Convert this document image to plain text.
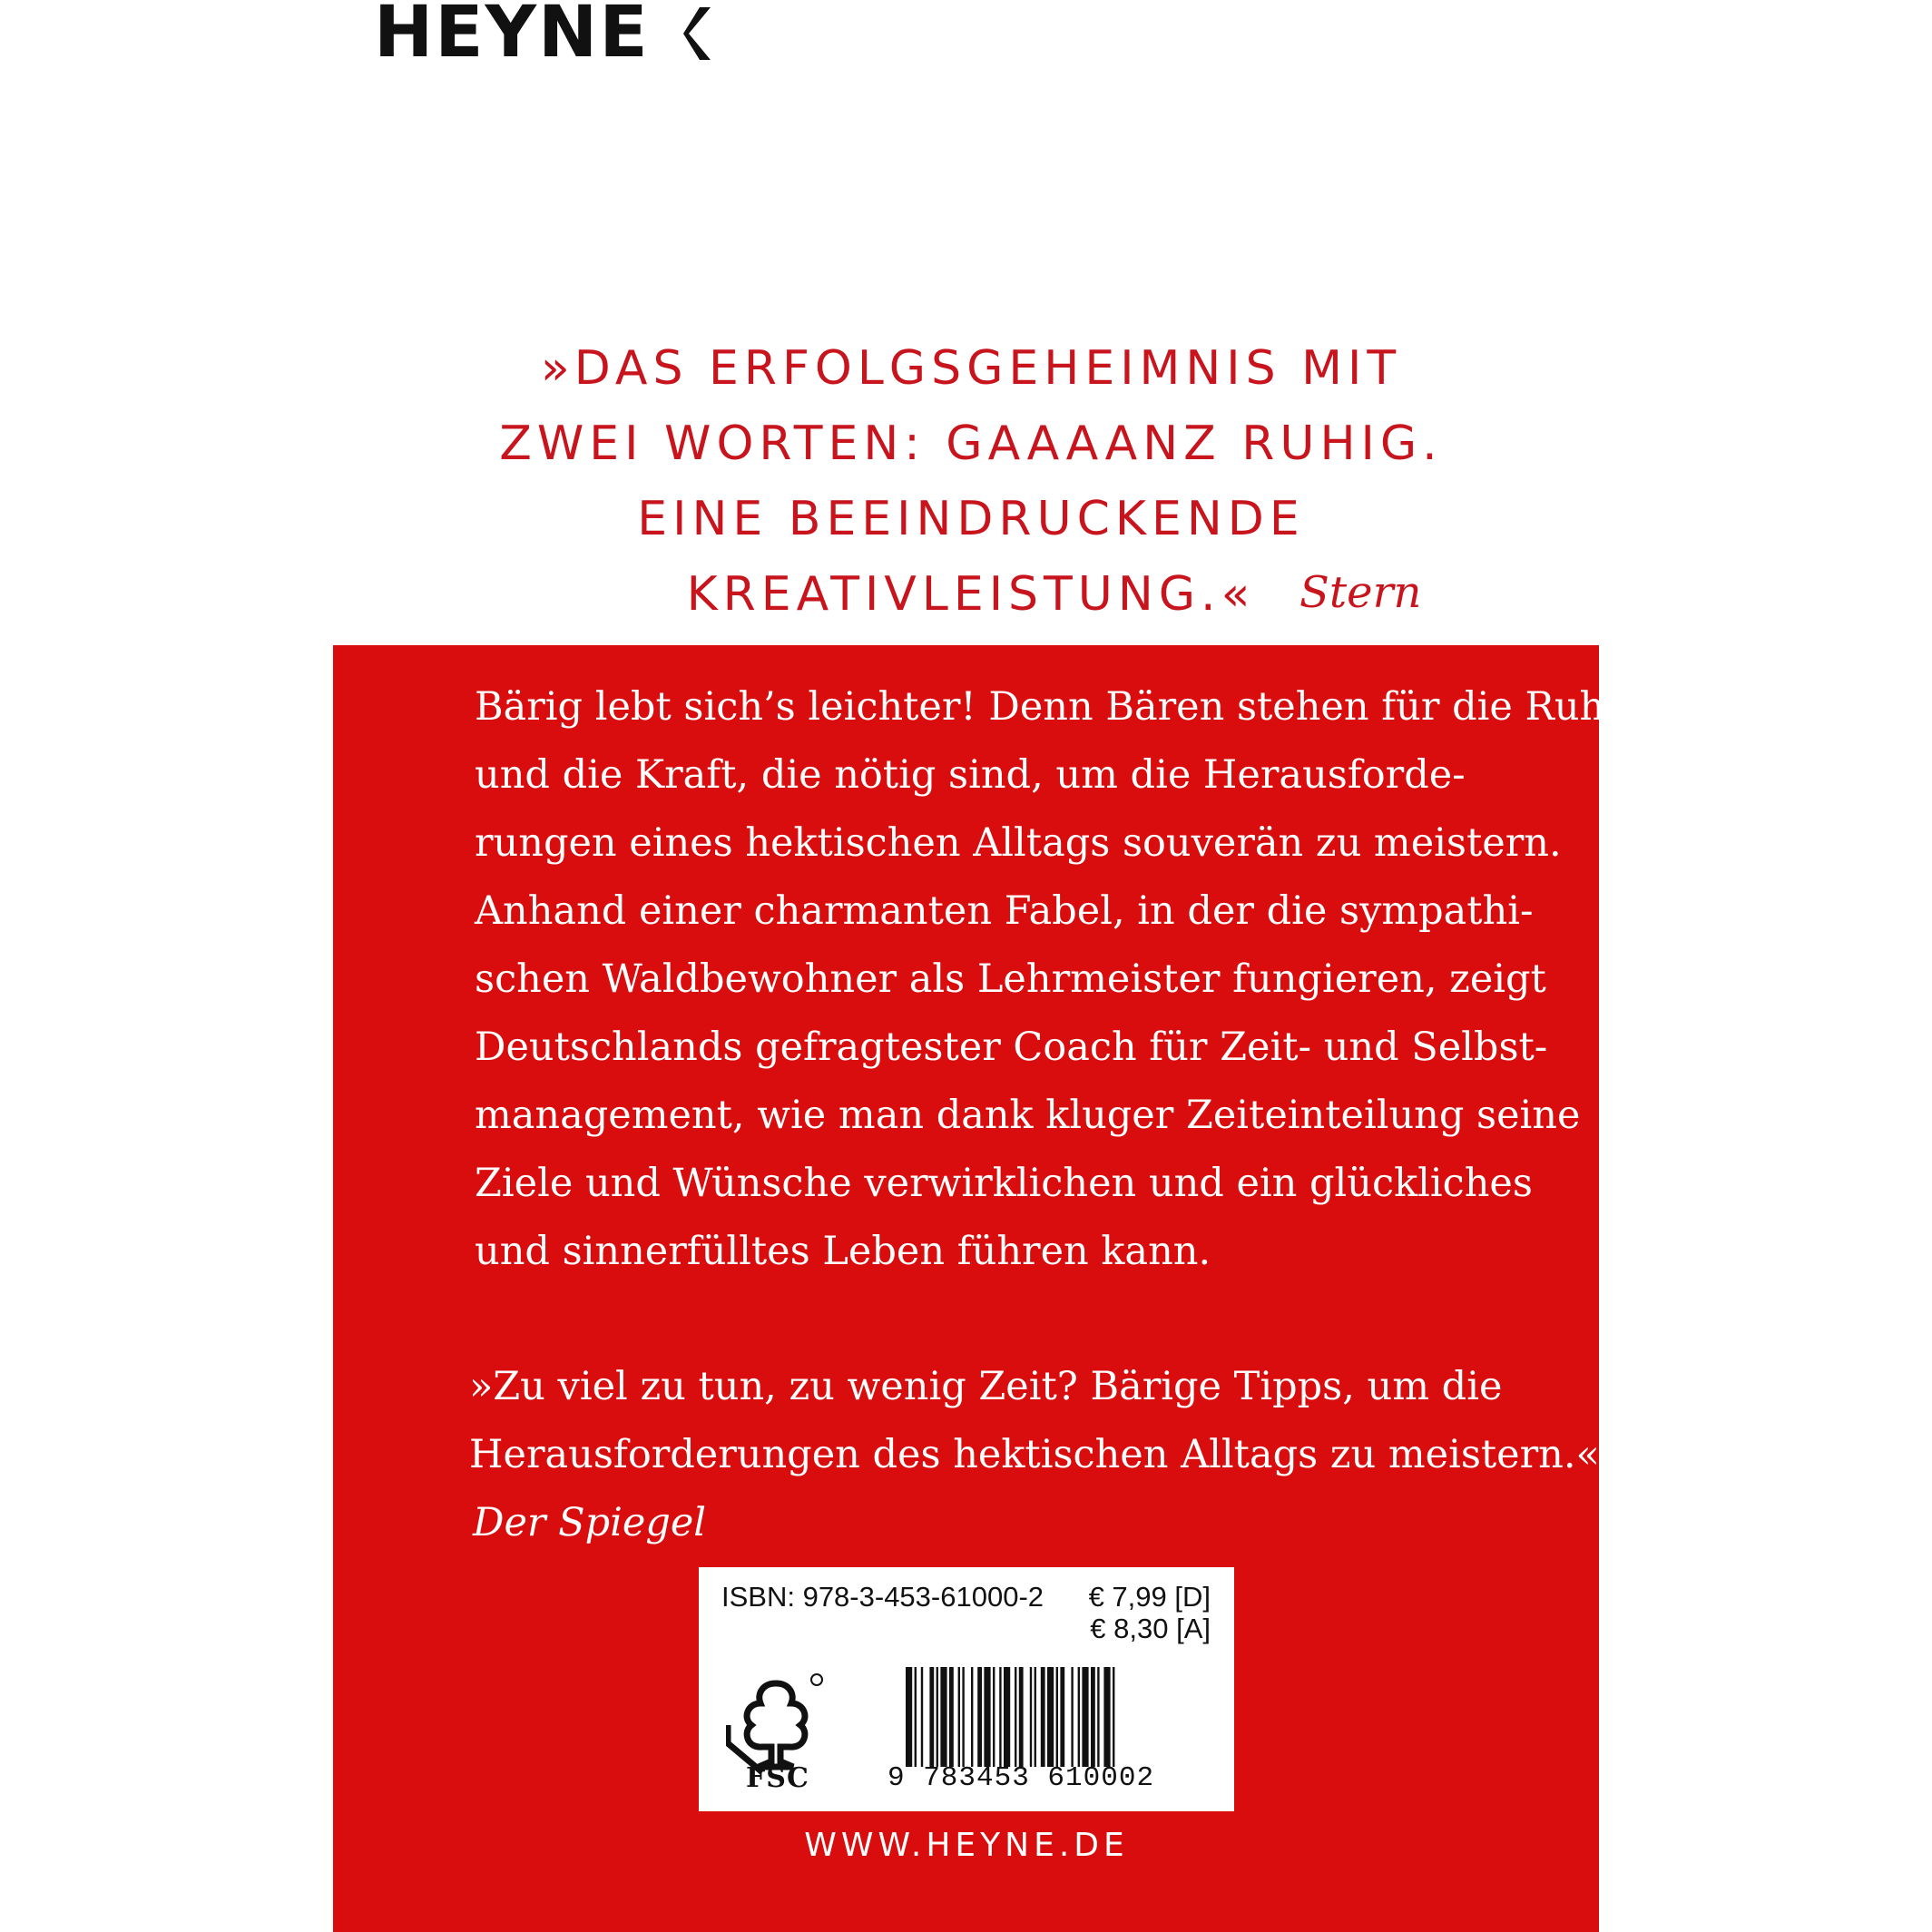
HEYNE
»DAS ERFOLGSGEHEIMNIS MIT
ZWEI WORTEN: GAAAANZ RUHIG.
EINE BEEINDRUCKENDE
KREATIVLEISTUNG.«	Stern
Bärig lebt sich’s leichter! Denn Bären stehen für die Ruhe
und die Kraft, die nötig sind, um die Herausforde-
rungen eines hektischen Alltags souverän zu meistern.
Anhand einer charmanten Fabel, in der die sympathi-
schen Waldbewohner als Lehrmeister fungieren, zeigt
Deutschlands gefragtester Coach für Zeit- und Selbst-
management, wie man dank kluger Zeiteinteilung seine
Ziele und Wünsche verwirklichen und ein glückliches
und sinnerfülltes Leben führen kann.
»Zu viel zu tun, zu wenig Zeit? Bärige Tipps, um die
Herausforderungen des hektischen Alltags zu meistern.«
Der Spiegel
ISBN: 978-3-453-61000-2 € 7,99 [D]
€ 8,30 [A]
FSC	9 783453 610002
WWW.HEYNE.DE
